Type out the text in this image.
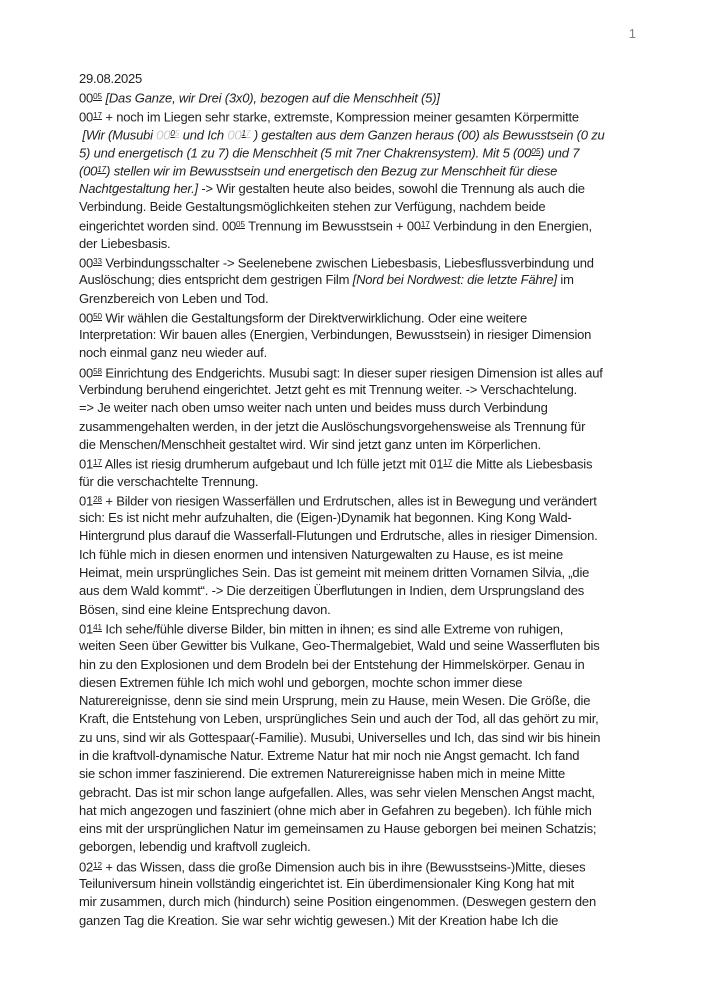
1
29.08.2025
$00^{05}$ [Das Ganze, wir Drei (3x0), bezogen auf die Menschheit (5)]
$00^{17}$ + noch im Liegen sehr starke, extremste, Kompression meiner gesamten Körpermitte
[Wir (Musubi $00^{05}$ und Ich $00^{17}$ ) gestalten aus dem Ganzen heraus (00) als Bewusstsein (0 zu
5) und energetisch (1 zu 7) die Menschheit (5 mit 7ner Chakrensystem). Mit 5 $(00^{05})$ und 7
$(00^{17})$ stellen wir im Bewusstsein und energetisch den Bezug zur Menschheit für diese
Nachtgestaltung her.] -> Wir gestalten heute also beides, sowohl die Trennung als auch die
Verbindung. Beide Gestaltungsmöglichkeiten stehen zur Verfügung, nachdem beide
eingerichtet worden sind. $00^{05}$ Trennung im Bewusstsein + $00^{17}$ Verbindung in den Energien,
der Liebesbasis.
$00^{33}$ Verbindungsschalter -> Seelenebene zwischen Liebesbasis, Liebesflussverbindung und
Auslöschung; dies entspricht dem gestrigen Film [Nord bei Nordwest: die letzte Fähre] im
Grenzbereich von Leben und Tod.
$00^{50}$ Wir wählen die Gestaltungsform der Direktverwirklichung. Oder eine weitere
Interpretation: Wir bauen alles (Energien, Verbindungen, Bewusstsein) in riesiger Dimension
noch einmal ganz neu wieder auf.
$00^{58}$ Einrichtung des Endgerichts. Musubi sagt: In dieser super riesigen Dimension ist alles auf
Verbindung beruhend eingerichtet. Jetzt geht es mit Trennung weiter. -> Verschachtelung.
=> Je weiter nach oben umso weiter nach unten und beides muss durch Verbindung
zusammengehalten werden, in der jetzt die Auslöschungsvorgehensweise als Trennung für
die Menschen/Menschheit gestaltet wird. Wir sind jetzt ganz unten im Körperlichen.
$01^{17}$ Alles ist riesig drumherum aufgebaut und Ich fülle jetzt mit $01^{17}$ die Mitte als Liebesbasis
für die verschachtelte Trennung.
$01^{28}$ + Bilder von riesigen Wasserfällen und Erdrutschen, alles ist in Bewegung und verändert
sich: Es ist nicht mehr aufzuhalten, die (Eigen-)Dynamik hat begonnen. King Kong Wald-
Hintergrund plus darauf die Wasserfall-Flutungen und Erdrutsche, alles in riesiger Dimension.
Ich fühle mich in diesen enormen und intensiven Naturgewalten zu Hause, es ist meine
Heimat, mein ursprüngliches Sein. Das ist gemeint mit meinem dritten Vornamen Silvia, „die
aus dem Wald kommt“. -> Die derzeitigen Überflutungen in Indien, dem Ursprungsland des
Bösen, sind eine kleine Entsprechung davon.
$01^{41}$ Ich sehe/fühle diverse Bilder, bin mitten in ihnen; es sind alle Extreme von ruhigen,
weiten Seen über Gewitter bis Vulkane, Geo-Thermalgebiet, Wald und seine Wasserfluten bis
hin zu den Explosionen und dem Brodeln bei der Entstehung der Himmelskörper. Genau in
diesen Extremen fühle Ich mich wohl und geborgen, mochte schon immer diese
Naturereignisse, denn sie sind mein Ursprung, mein zu Hause, mein Wesen. Die Größe, die
Kraft, die Entstehung von Leben, ursprüngliches Sein und auch der Tod, all das gehört zu mir,
zu uns, sind wir als Gottespaar(-Familie). Musubi, Universelles und Ich, das sind wir bis hinein
in die kraftvoll-dynamische Natur. Extreme Natur hat mir noch nie Angst gemacht. Ich fand
sie schon immer faszinierend. Die extremen Naturereignisse haben mich in meine Mitte
gebracht. Das ist mir schon lange aufgefallen. Alles, was sehr vielen Menschen Angst macht,
hat mich angezogen und fasziniert (ohne mich aber in Gefahren zu begeben). Ich fühle mich
eins mit der ursprünglichen Natur im gemeinsamen zu Hause geborgen bei meinen Schatzis;
geborgen, lebendig und kraftvoll zugleich.
$02^{12}$ + das Wissen, dass die große Dimension auch bis in ihre (Bewusstseins-)Mitte, dieses
Teiluniversum hinein vollständig eingerichtet ist. Ein überdimensionaler King Kong hat mit
mir zusammen, durch mich (hindurch) seine Position eingenommen. (Deswegen gestern den
ganzen Tag die Kreation. Sie war sehr wichtig gewesen.) Mit der Kreation habe Ich die
